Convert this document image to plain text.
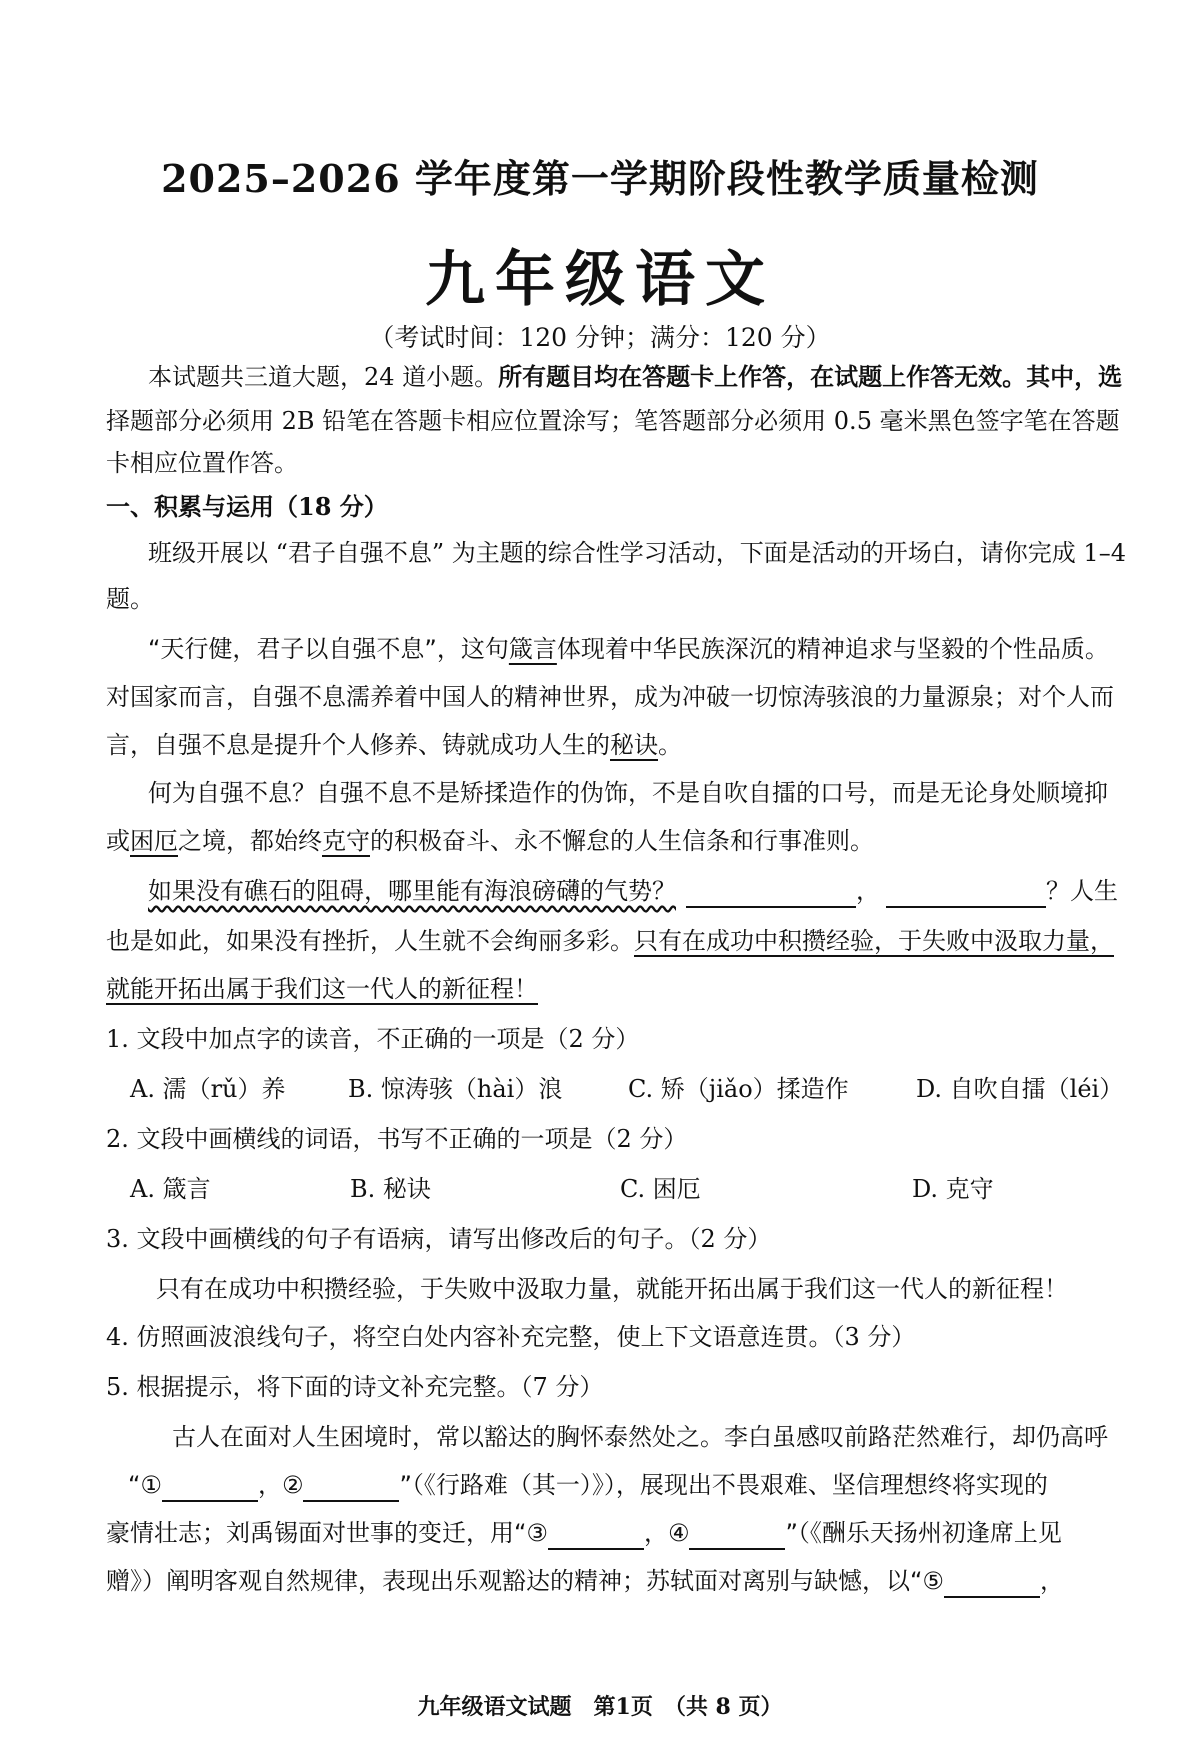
2025–2026 学年度第一学期阶段性教学质量检测
九年级语文
（考试时间：120 分钟；满分：120 分）
本试题共三道大题，24 道小题。所有题目均在答题卡上作答，在试题上作答无效。其中，选
择题部分必须用 2B 铅笔在答题卡相应位置涂写；笔答题部分必须用 0.5 毫米黑色签字笔在答题
卡相应位置作答。
一、积累与运用（18 分）
班级开展以 “君子自强不息” 为主题的综合性学习活动，下面是活动的开场白，请你完成 1–4
题。
“天行健，君子以自强不息”，这句箴言体现着中华民族深沉的精神追求与坚毅的个性品质。
对国家而言，自强不息濡养着中国人的精神世界，成为冲破一切惊涛骇浪的力量源泉；对个人而
言，自强不息是提升个人修养、铸就成功人生的秘诀。
何为自强不息？自强不息不是矫揉造作的伪饰，不是自吹自擂的口号，而是无论身处顺境抑
或困厄之境，都始终克守的积极奋斗、永不懈怠的人生信条和行事准则。
如果没有礁石的阻碍，哪里能有海浪磅礴的气势？	，	？人生
也是如此，如果没有挫折，人生就不会绚丽多彩。只有在成功中积攒经验，于失败中汲取力量，
就能开拓出属于我们这一代人的新征程！
1. 文段中加点字的读音，不正确的一项是（2 分）
A. 濡（rǔ）养	B. 惊涛骇（hài）浪	C. 矫（jiǎo）揉造作	D. 自吹自擂（léi）
2. 文段中画横线的词语，书写不正确的一项是（2 分）
A. 箴言	B. 秘诀	C. 困厄	D. 克守
3. 文段中画横线的句子有语病，请写出修改后的句子。（2 分）
只有在成功中积攒经验，于失败中汲取力量，就能开拓出属于我们这一代人的新征程！
4. 仿照画波浪线句子，将空白处内容补充完整，使上下文语意连贯。（3 分）
5. 根据提示，将下面的诗文补充完整。（7 分）
古人在面对人生困境时，常以豁达的胸怀泰然处之。李白虽感叹前路茫然难行，却仍高呼
“①	，②	”（《行路难（其一）》），展现出不畏艰难、坚信理想终将实现的
豪情壮志；刘禹锡面对世事的变迁，用“③	，④	”（《酬乐天扬州初逢席上见
赠》）阐明客观自然规律，表现出乐观豁达的精神；苏轼面对离别与缺憾，以“⑤	，
九年级语文试题　第1页　（共 8 页）
